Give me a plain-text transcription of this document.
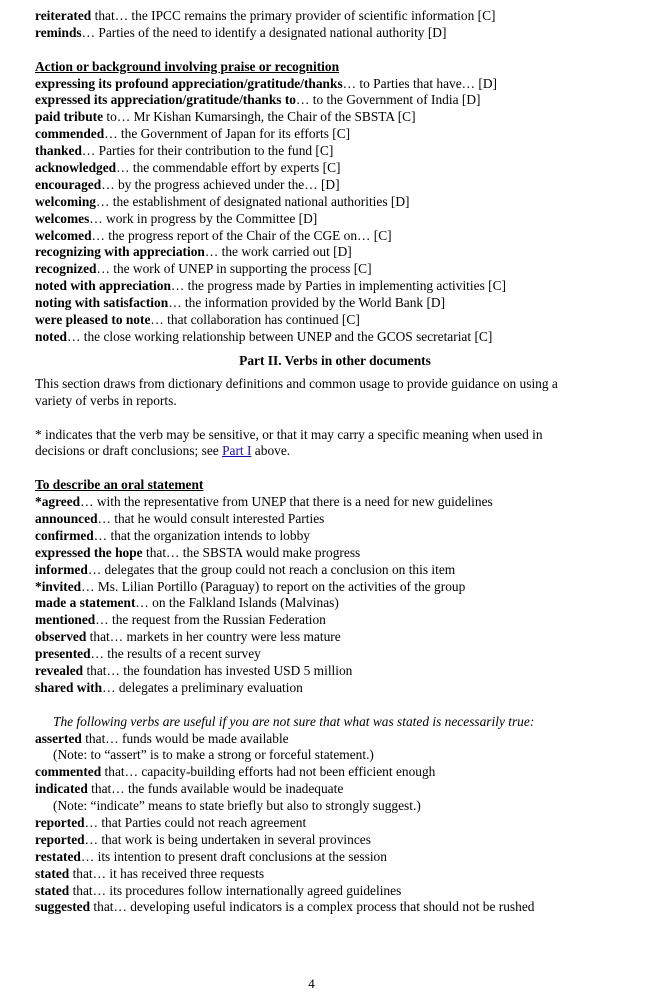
reiterated that… the IPCC remains the primary provider of scientific information [C]
reminds… Parties of the need to identify a designated national authority [D]
Action or background involving praise or recognition
expressing its profound appreciation/gratitude/thanks… to Parties that have… [D]
expressed its appreciation/gratitude/thanks to… to the Government of India [D]
paid tribute to… Mr Kishan Kumarsingh, the Chair of the SBSTA [C]
commended… the Government of Japan for its efforts [C]
thanked… Parties for their contribution to the fund [C]
acknowledged… the commendable effort by experts [C]
encouraged… by the progress achieved under the… [D]
welcoming… the establishment of designated national authorities [D]
welcomes… work in progress by the Committee [D]
welcomed… the progress report of the Chair of the CGE on… [C]
recognizing with appreciation… the work carried out [D]
recognized… the work of UNEP in supporting the process [C]
noted with appreciation… the progress made by Parties in implementing activities [C]
noting with satisfaction… the information provided by the World Bank [D]
were pleased to note… that collaboration has continued [C]
noted… the close working relationship between UNEP and the GCOS secretariat [C]
Part II. Verbs in other documents
This section draws from dictionary definitions and common usage to provide guidance on using a variety of verbs in reports.
* indicates that the verb may be sensitive, or that it may carry a specific meaning when used in decisions or draft conclusions; see Part I above.
To describe an oral statement
*agreed… with the representative from UNEP that there is a need for new guidelines
announced… that he would consult interested Parties
confirmed… that the organization intends to lobby
expressed the hope that… the SBSTA would make progress
informed… delegates that the group could not reach a conclusion on this item
*invited… Ms. Lilian Portillo (Paraguay) to report on the activities of the group
made a statement… on the Falkland Islands (Malvinas)
mentioned… the request from the Russian Federation
observed that… markets in her country were less mature
presented… the results of a recent survey
revealed that… the foundation has invested USD 5 million
shared with… delegates a preliminary evaluation
The following verbs are useful if you are not sure that what was stated is necessarily true:
asserted that… funds would be made available
(Note: to “assert” is to make a strong or forceful statement.)
commented that… capacity-building efforts had not been efficient enough
indicated that… the funds available would be inadequate
(Note: “indicate” means to state briefly but also to strongly suggest.)
reported… that Parties could not reach agreement
reported… that work is being undertaken in several provinces
restated… its intention to present draft conclusions at the session
stated that… it has received three requests
stated that… its procedures follow internationally agreed guidelines
suggested that… developing useful indicators is a complex process that should not be rushed
4
